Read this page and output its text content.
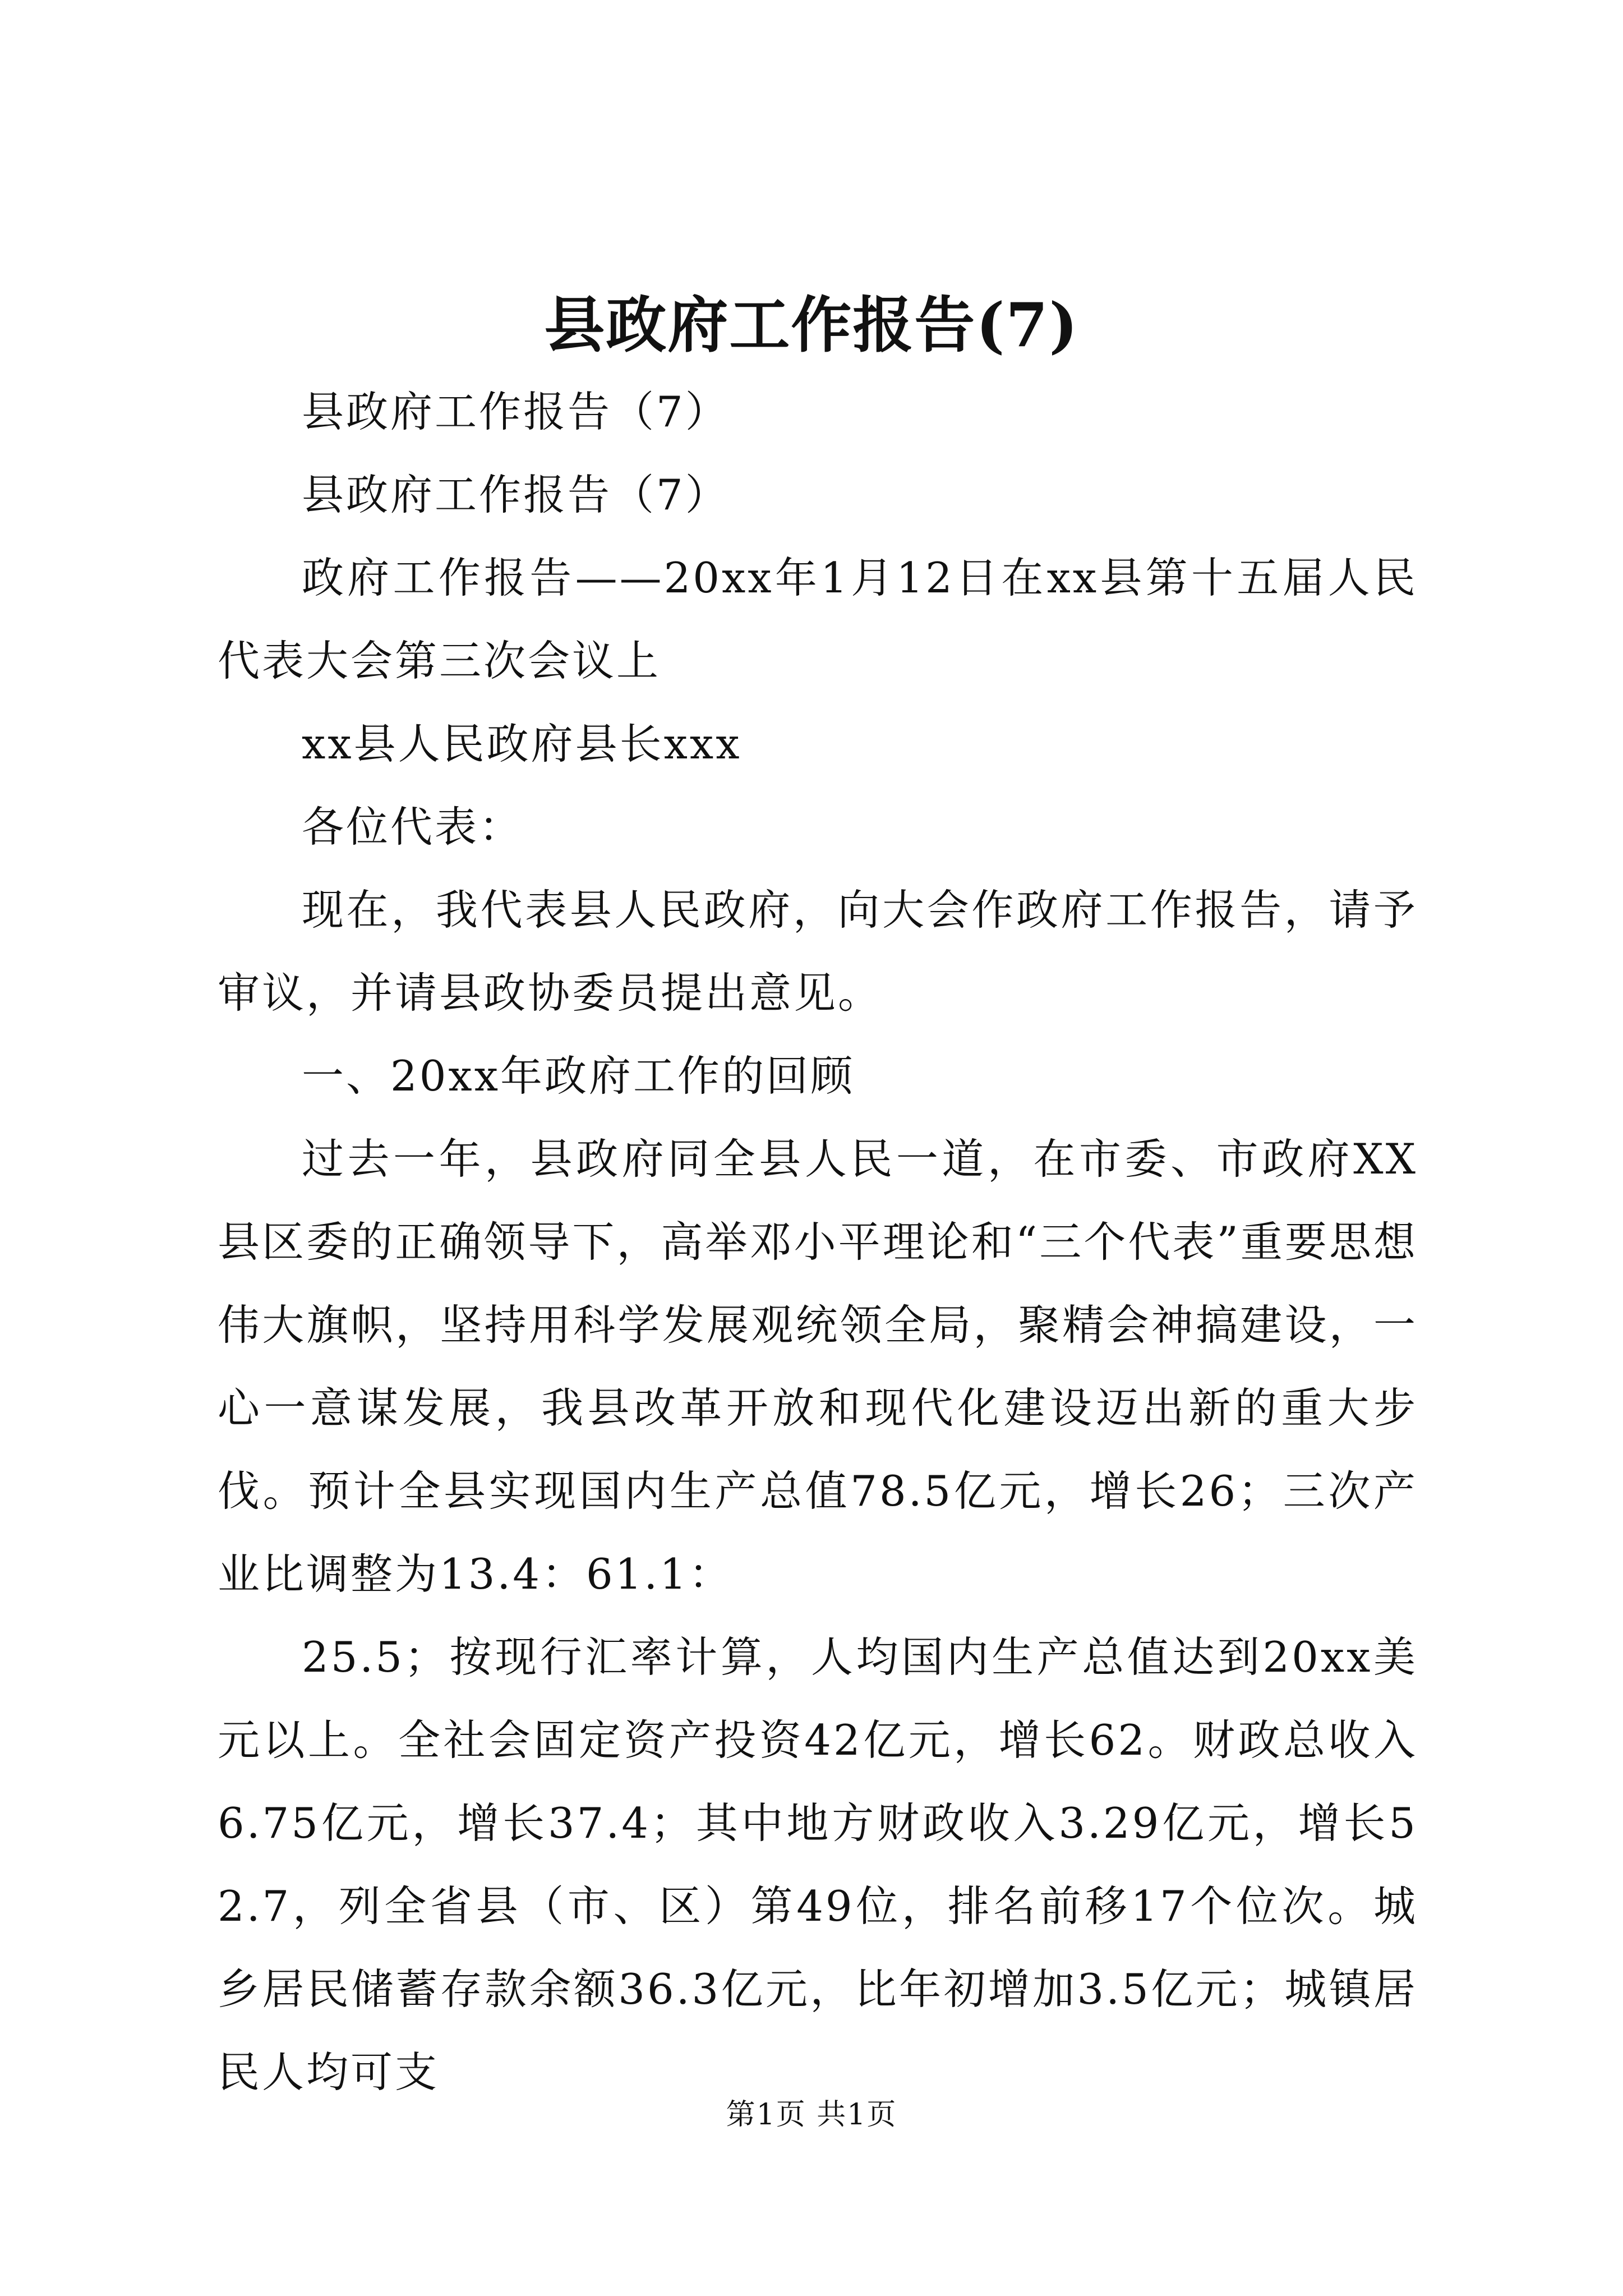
县政府工作报告(7)

县政府工作报告（7）

县政府工作报告（7）

政府工作报告——20xx年1月12日在xx县第十五届人民代表大会第三次会议上

xx县人民政府县长xxx

各位代表：

现在，我代表县人民政府，向大会作政府工作报告，请予审议，并请县政协委员提出意见。

一、20xx年政府工作的回顾

过去一年，县政府同全县人民一道，在市委、市政府XX县区委的正确领导下，高举邓小平理论和“三个代表”重要思想伟大旗帜，坚持用科学发展观统领全局，聚精会神搞建设，一心一意谋发展，我县改革开放和现代化建设迈出新的重大步伐。预计全县实现国内生产总值78.5亿元，增长26；三次产业比调整为13.4：61.1：

25.5；按现行汇率计算，人均国内生产总值达到20xx美元以上。全社会固定资产投资42亿元，增长62。财政总收入6.75亿元，增长37.4；其中地方财政收入3.29亿元，增长52.7，列全省县（市、区）第49位，排名前移17个位次。城乡居民储蓄存款余额36.3亿元，比年初增加3.5亿元；城镇居民人均可支

第1页 共1页
